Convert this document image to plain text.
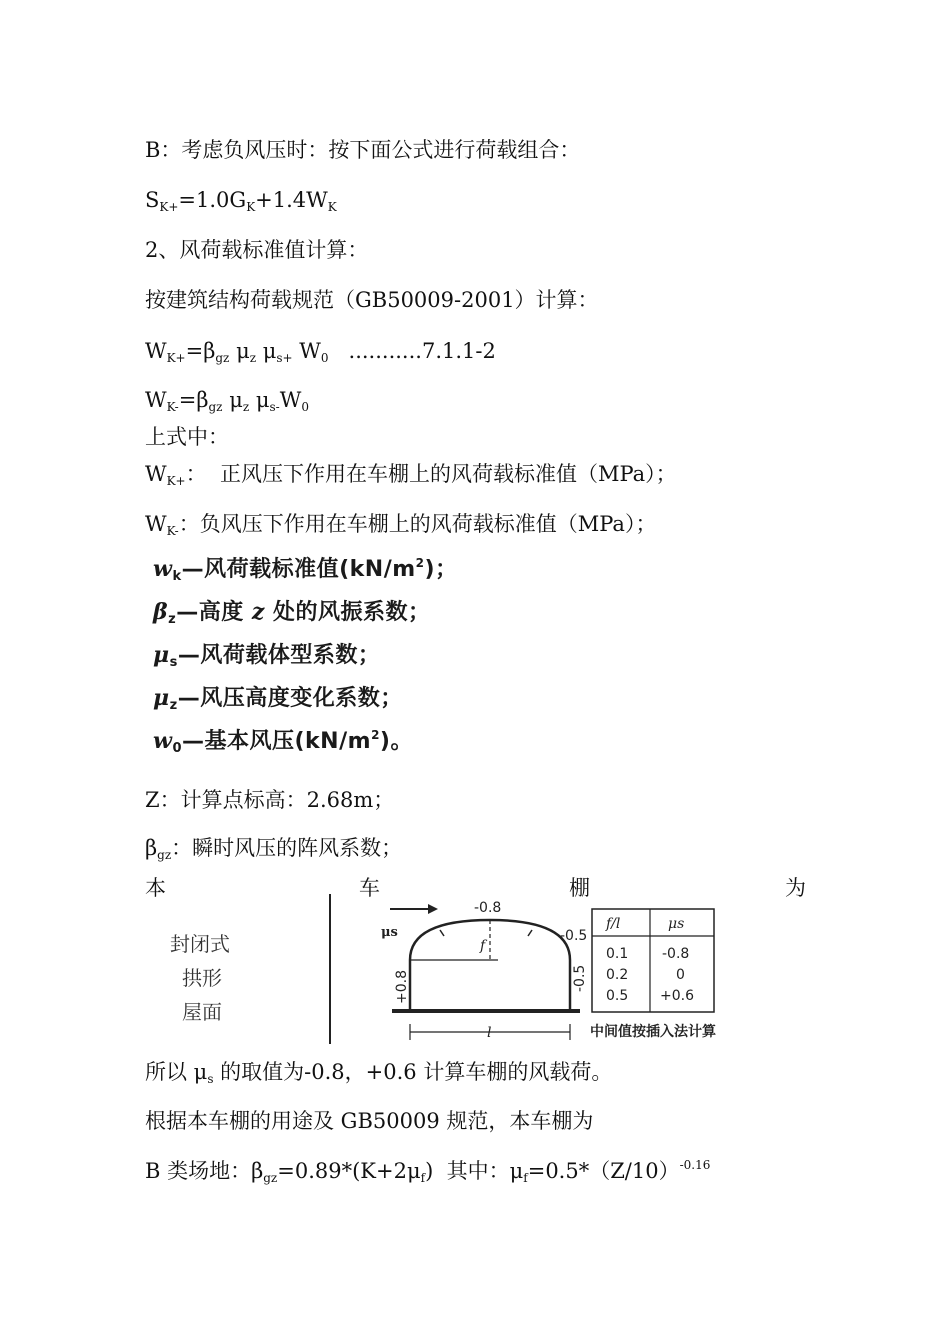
B：考虑负风压时：按下面公式进行荷载组合：
$S_{K+}=1.0G_K+1.4W_K$
2、风荷载标准值计算：
按建筑结构荷载规范（GB50009-2001）计算：
$W_{K+}=\beta_{gz}$ $\mu_z$ $\mu_{s+}$ $W_0$   ...........7.1.1-2
$W_{K-}=\beta_{gz}$ $\mu_z$ $\mu_{s-}W_0$
上式中：
$W_{K+}$：  正风压下作用在车棚上的风荷载标准值（MPa）；
$W_{K-}$：负风压下作用在车棚上的风荷载标准值（MPa）；
$w_k—$风荷载标准值$(kN/m^2)$；
$\beta_z—$高度 z 处的风振系数；
$\mu_s—$风荷载体型系数；
$\mu_z—$风压高度变化系数；
$w_0—$基本风压$(kN/m^2)$。
Z：计算点标高：2.68m；
$\beta_{gz}$：瞬时风压的阵风系数；
本	车	棚	为
封闭式
拱形
屋面
-0.8
-0.5
μs
f
l
+0.8	-0.5
f/l	μs
0.1 -0.8
0.2	0
0.5 +0.6
中间值按插入法计算
所以 $\mu_s$ 的取值为-0.8，+0.6 计算车棚的风载荷。
根据本车棚的用途及 GB50009 规范，本车棚为
B 类场地：$\beta_{gz}=0.89*(K+2\mu_f)$  其中：$\mu_f=0.5*(Z/10)^{-0.16}$
